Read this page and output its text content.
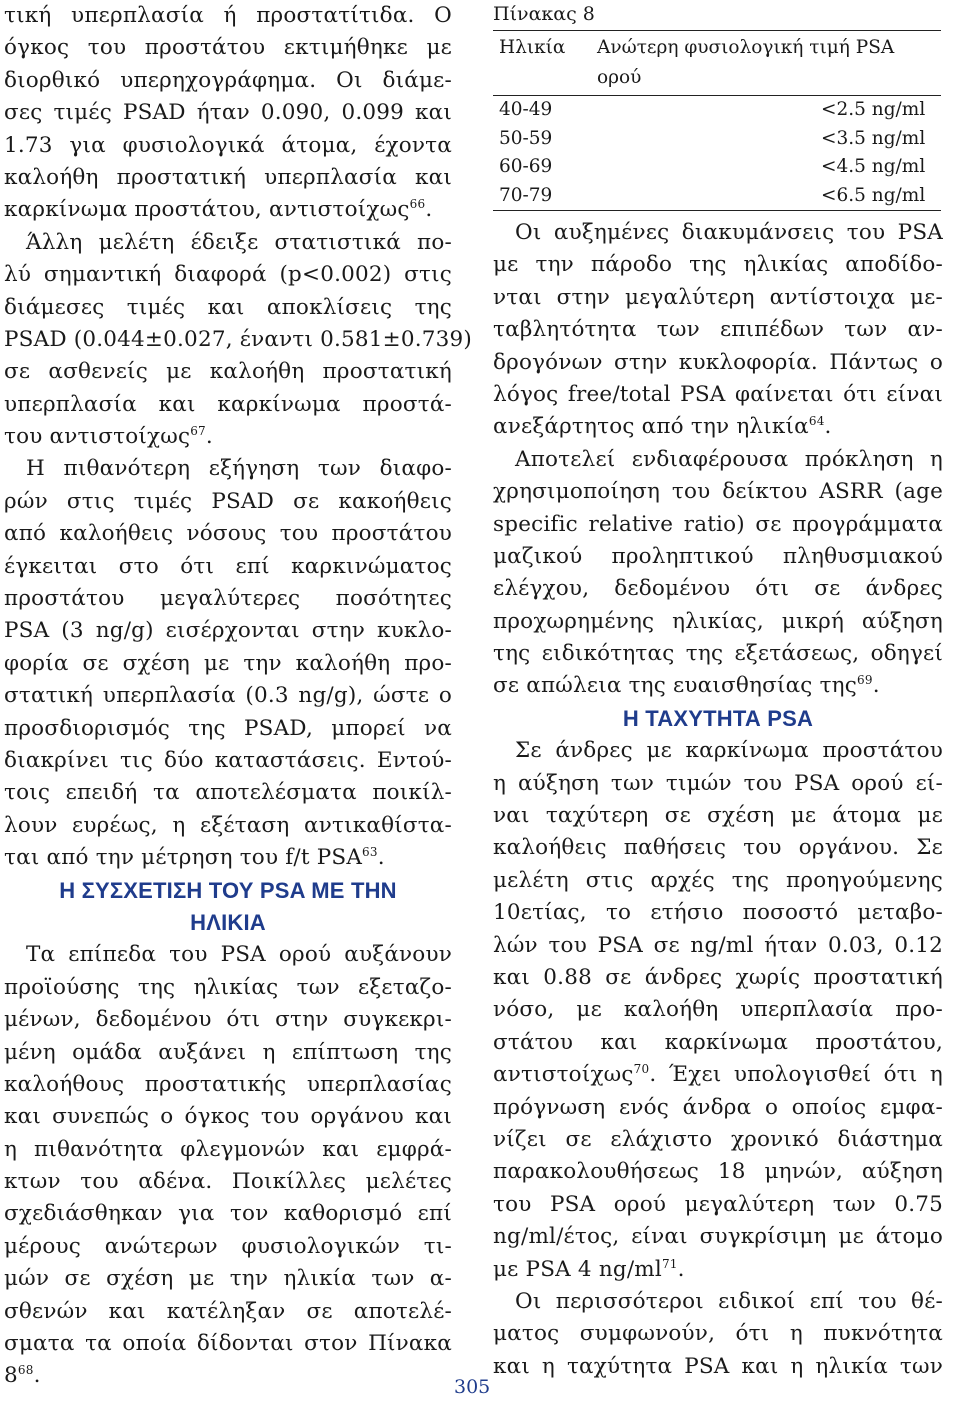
τική υπερπλασία ή προστατίτιδα. Ο
όγκος του προστάτου εκτιμήθηκε με
διορθικό υπερηχογράφημα. Οι διάμε-
σες τιμές PSAD ήταν 0.090, 0.099 και
1.73 για φυσιολογικά άτομα, έχοντα
καλοήθη προστατική υπερπλασία και
καρκίνωμα προστάτου, αντιστοίχως$^{66}$.
Άλλη μελέτη έδειξε στατιστικά πο-
λύ σημαντική διαφορά (p<0.002) στις
διάμεσες τιμές και αποκλίσεις της
PSAD (0.044±0.027, έναντι 0.581±0.739)
σε ασθενείς με καλοήθη προστατική
υπερπλασία και καρκίνωμα προστά-
του αντιστοίχως$^{67}$.
Η πιθανότερη εξήγηση των διαφο-
ρών στις τιμές PSAD σε κακοήθεις
από καλοήθεις νόσους του προστάτου
έγκειται στο ότι επί καρκινώματος
προστάτου μεγαλύτερες ποσότητες
PSA (3 ng/g) εισέρχονται στην κυκλο-
φορία σε σχέση με την καλοήθη προ-
στατική υπερπλασία (0.3 ng/g), ώστε ο
προσδιορισμός της PSAD, μπορεί να
διακρίνει τις δύο καταστάσεις. Εντού-
τοις επειδή τα αποτελέσματα ποικίλ-
λουν ευρέως, η εξέταση αντικαθίστα-
ται από την μέτρηση του f/t PSA$^{63}$.
Η ΣΥΣΧΕΤΙΣΗ ΤΟΥ PSA ΜΕ ΤΗΝ
ΗΛΙΚΙΑ
Τα επίπεδα του PSA ορού αυξάνουν
προϊούσης της ηλικίας των εξεταζο-
μένων, δεδομένου ότι στην συγκεκρι-
μένη ομάδα αυξάνει η επίπτωση της
καλοήθους προστατικής υπερπλασίας
και συνεπώς ο όγκος του οργάνου και
η πιθανότητα φλεγμονών και εμφρά-
κτων του αδένα. Ποικίλλες μελέτες
σχεδιάσθηκαν για τον καθορισμό επί
μέρους ανώτερων φυσιολογικών τι-
μών σε σχέση με την ηλικία των α-
σθενών και κατέληξαν σε αποτελέ-
σματα τα οποία δίδονται στον Πίνακα
$8^{68}$.
Πίνακας 8
Ηλικία	Ανώτερη φυσιολογική τιμή PSA
ορού
40-49	<2.5 ng/ml
50-59	<3.5 ng/ml
60-69	<4.5 ng/ml
70-79	<6.5 ng/ml
Οι αυξημένες διακυμάνσεις του PSA
με την πάροδο της ηλικίας αποδίδο-
νται στην μεγαλύτερη αντίστοιχα με-
ταβλητότητα των επιπέδων των αν-
δρογόνων στην κυκλοφορία. Πάντως ο
λόγος free/total PSA φαίνεται ότι είναι
ανεξάρτητος από την ηλικία$^{64}$.
Αποτελεί ενδιαφέρουσα πρόκληση η
χρησιμοποίηση του δείκτου ASRR (age
specific relative ratio) σε προγράμματα
μαζικού προληπτικού πληθυσμιακού
ελέγχου, δεδομένου ότι σε άνδρες
προχωρημένης ηλικίας, μικρή αύξηση
της ειδικότητας της εξετάσεως, οδηγεί
σε απώλεια της ευαισθησίας της$^{69}$.
Η ΤΑΧΥΤΗΤΑ PSA
Σε άνδρες με καρκίνωμα προστάτου
η αύξηση των τιμών του PSA ορού εί-
ναι ταχύτερη σε σχέση με άτομα με
καλοήθεις παθήσεις του οργάνου. Σε
μελέτη στις αρχές της προηγούμενης
10ετίας, το ετήσιο ποσοστό μεταβο-
λών του PSA σε ng/ml ήταν 0.03, 0.12
και 0.88 σε άνδρες χωρίς προστατική
νόσο, με καλοήθη υπερπλασία προ-
στάτου και καρκίνωμα προστάτου,
αντιστοίχως$^{70}$. Έχει υπολογισθεί ότι η
πρόγνωση ενός άνδρα ο οποίος εμφα-
νίζει σε ελάχιστο χρονικό διάστημα
παρακολουθήσεως 18 μηνών, αύξηση
του PSA ορού μεγαλύτερη των 0.75
ng/ml/έτος, είναι συγκρίσιμη με άτομο
με PSA 4 $ng/ml^{71}$.
Οι περισσότεροι ειδικοί επί του θέ-
ματος συμφωνούν, ότι η πυκνότητα
και η ταχύτητα PSA και η ηλικία των
305
